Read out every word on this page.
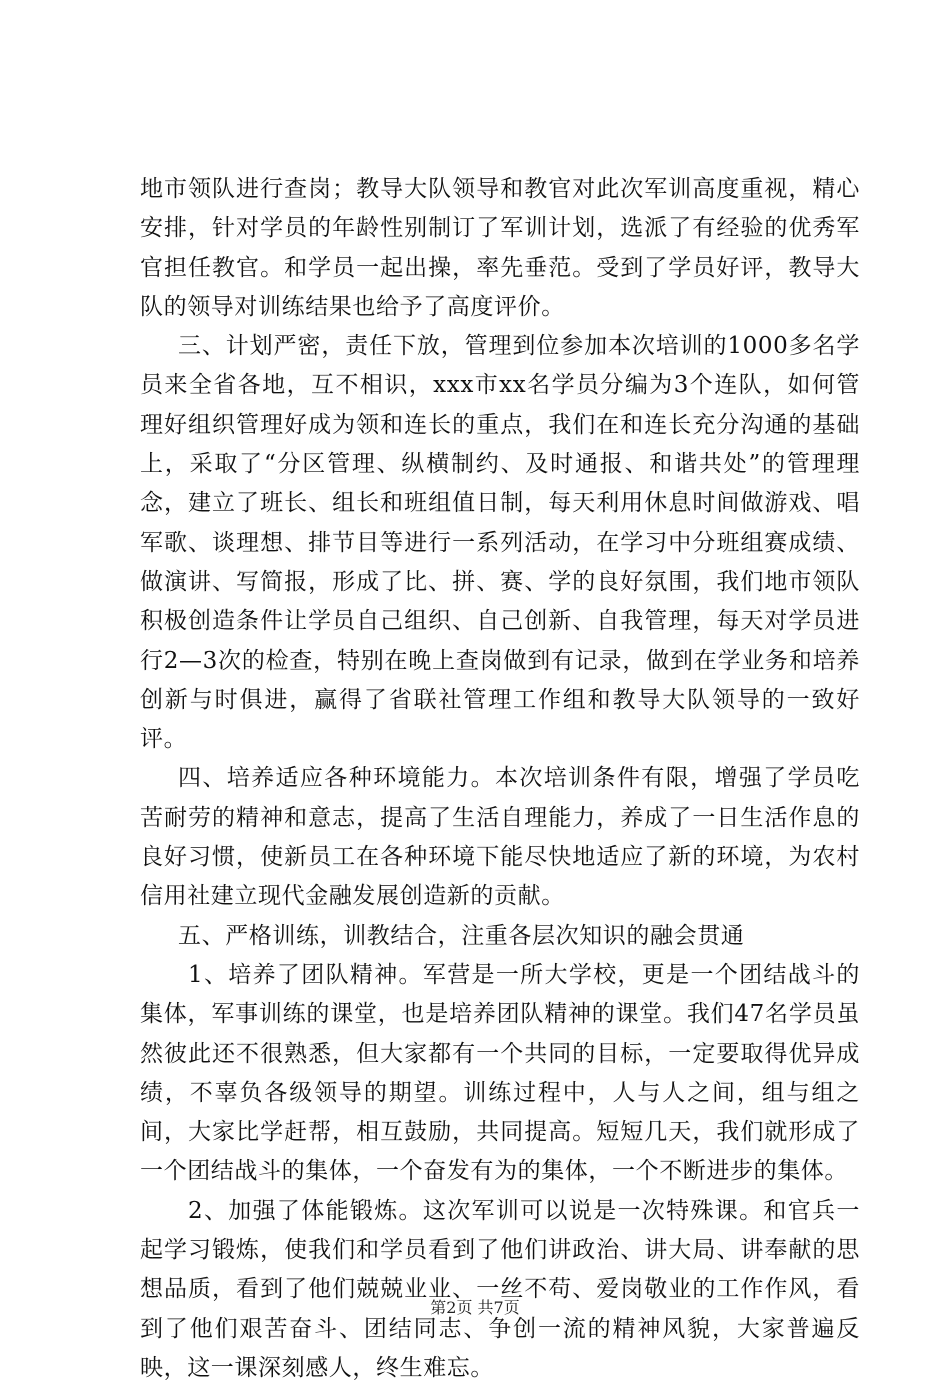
地市领队进行查岗；教导大队领导和教官对此次军训高度重视，精心安排，针对学员的年龄性别制订了军训计划，选派了有经验的优秀军官担任教官。和学员一起出操，率先垂范。受到了学员好评，教导大队的领导对训练结果也给予了高度评价。

三、计划严密，责任下放，管理到位参加本次培训的1000多名学员来全省各地，互不相识，xxx市xx名学员分编为3个连队，如何管理好组织管理好成为领和连长的重点，我们在和连长充分沟通的基础上，采取了“分区管理、纵横制约、及时通报、和谐共处”的管理理念，建立了班长、组长和班组值日制，每天利用休息时间做游戏、唱军歌、谈理想、排节目等进行一系列活动，在学习中分班组赛成绩、做演讲、写简报，形成了比、拼、赛、学的良好氛围，我们地市领队积极创造条件让学员自己组织、自己创新、自我管理，每天对学员进行2—3次的检查，特别在晚上查岗做到有记录，做到在学业务和培养创新与时俱进，赢得了省联社管理工作组和教导大队领导的一致好评。

四、培养适应各种环境能力。本次培训条件有限，增强了学员吃苦耐劳的精神和意志，提高了生活自理能力，养成了一日生活作息的良好习惯，使新员工在各种环境下能尽快地适应了新的环境，为农村信用社建立现代金融发展创造新的贡献。

五、严格训练，训教结合，注重各层次知识的融会贯通

1、培养了团队精神。军营是一所大学校，更是一个团结战斗的集体，军事训练的课堂，也是培养团队精神的课堂。我们47名学员虽然彼此还不很熟悉，但大家都有一个共同的目标，一定要取得优异成绩，不辜负各级领导的期望。训练过程中，人与人之间，组与组之间，大家比学赶帮，相互鼓励，共同提高。短短几天，我们就形成了一个团结战斗的集体，一个奋发有为的集体，一个不断进步的集体。

2、加强了体能锻炼。这次军训可以说是一次特殊课。和官兵一起学习锻炼，使我们和学员看到了他们讲政治、讲大局、讲奉献的思想品质，看到了他们兢兢业业、一丝不苟、爱岗敬业的工作作风，看到了他们艰苦奋斗、团结同志、争创一流的精神风貌，大家普遍反映，这一课深刻感人，终生难忘。

第2页 共7页
